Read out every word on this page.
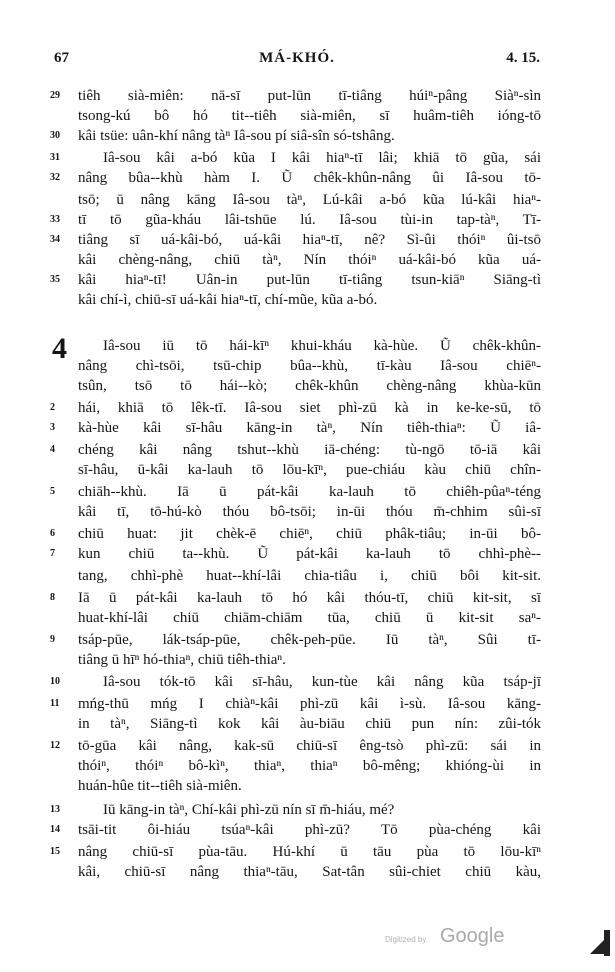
67	MÁ-KHÓ.	4. 15.
4
29	tiêh sià-miên: nā-sī put-lūn tī-tiâng húiⁿ-pâng Siàⁿ-sìn
tsong-kú bô hó tit--tiêh sià-miên, sī huâm-tiêh ióng-tō
30	kâi tsüe: uân-khí nâng tàⁿ Iâ-sou pí siâ-sîn só-tshâng.
31	Iâ-sou kâi a-bó kũa I kâi hiaⁿ-tī lâi; khiā tō gũa, sái
32	nâng bûa--khù hàm I. Ũ chêk-khûn-nâng ûi Iâ-sou tō-
tsō; ū nâng kāng Iâ-sou tàⁿ, Lú-kâi a-bó kũa lú-kâi hiaⁿ-
33	tī tō gũa-kháu lâi-tshūe lú. Iâ-sou tùi-in tap-tàⁿ, Tī-
34	tiâng sī uá-kâi-bó, uá-kâi hiaⁿ-tī, nê? Sì-ûi thóiⁿ ûi-tsō
kâi chèng-nâng, chiū tàⁿ, Nín thóiⁿ uá-kâi-bó kũa uá-
35	kâi hiaⁿ-tī! Uân-in put-lūn tī-tiâng tsun-kiāⁿ Siāng-tì
kâi chí-ì, chiū-sī uá-kâi hiaⁿ-tī, chí-mũe, kũa a-bó.
Iâ-sou iū tō hái-kīⁿ khui-kháu kà-hùe. Ũ chêk-khûn-
nâng chì-tsōi, tsū-chip bûa--khù, tī-kàu Iâ-sou chiēⁿ-
tsûn, tsō tō hái--kò; chêk-khûn chèng-nâng khùa-kūn
2	hái, khiā tō lêk-tī. Iâ-sou siet phì-zū kà in ke-ke-sū, tō
3	kà-hùe kâi sī-hâu kāng-in tàⁿ, Nín tiêh-thiaⁿ: Ũ iâ-
4	chéng kâi nâng tshut--khù iā-chéng: tù-ngō tō-iā kâi
sī-hâu, ū-kâi ka-lauh tō lōu-kīⁿ, pue-chiáu kàu chiū chîn-
5	chiāh--khù. Iā ū pát-kâi ka-lauh tō chiêh-pûaⁿ-téng
kâi tī, tō-hú-kò thóu bô-tsōi; in-ūi thóu m̄-chhim sûi-sī
6	chiū huat: jit chèk-ē chiēⁿ, chiū phâk-tiâu; in-ūi bô-
7	kun chiū ta--khù. Ũ pát-kâi ka-lauh tō chhì-phè--
tang, chhì-phè huat--khí-lâi chia-tiâu i, chiū bôi kit-sit.
8	Iā ū pát-kâi ka-lauh tō hó kâi thóu-tī, chiū kit-sit, sī
huat-khí-lâi chiū chiām-chiām tūa, chiū ū kit-sit saⁿ-
9	tsáp-pūe, lák-tsáp-pūe, chêk-peh-pūe. Iū tàⁿ, Sûi tī-
tiâng ū hīⁿ hó-thiaⁿ, chiū tiêh-thiaⁿ.
10	Iâ-sou tók-tō kâi sī-hâu, kun-tùe kâi nâng kũa tsáp-jī
11	mńg-thū mńg I chiàⁿ-kâi phì-zū kâi ì-sù. Iâ-sou kāng-
in tàⁿ, Siāng-tì kok kâi àu-biāu chiū pun nín: zûi-tók
12	tō-gūa kâi nâng, kak-sū chiū-sī êng-tsò phì-zū: sái in
thóiⁿ, thóiⁿ bô-kìⁿ, thiaⁿ, thiaⁿ bô-mêng; khióng-ùi in
huán-hûe tit--tiêh sià-miên.
13	Iū kāng-in tàⁿ, Chí-kâi phì-zū nín sī m̄-hiáu, mé?
14	tsāi-tit ôi-hiáu tsúaⁿ-kâi phì-zū? Tō pùa-chéng kâi
15	nâng chiū-sī pùa-tāu. Hú-khí ū tāu pùa tō lōu-kīⁿ
kâi, chiū-sī nâng thiaⁿ-tāu, Sat-tân sûi-chiet chiū kàu,
Digitized by Google
